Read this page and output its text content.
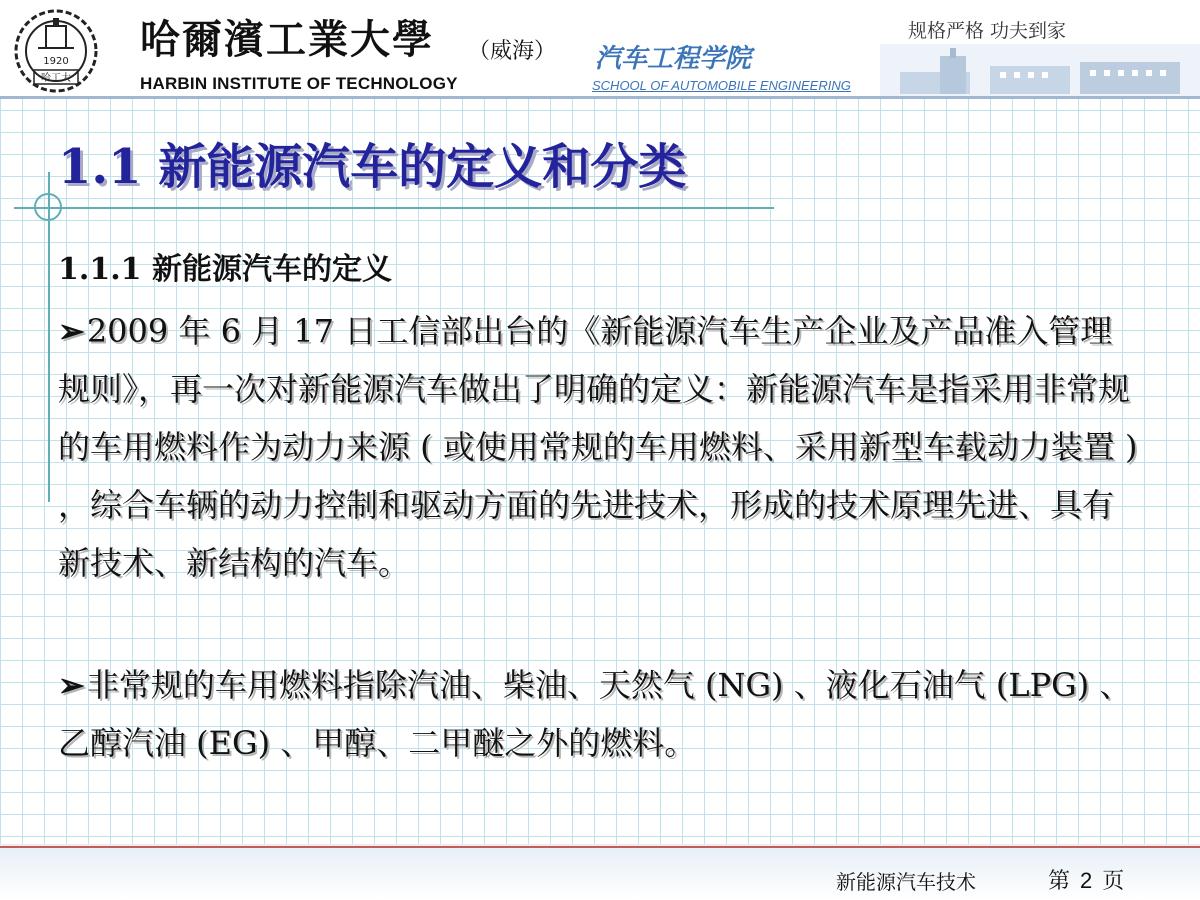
1920
哈工大
哈爾濱工業大學 （威海）
HARBIN INSTITUTE OF TECHNOLOGY
汽车工程学院
SCHOOL OF AUTOMOBILE ENGINEERING
规格严格 功夫到家
1.1 新能源汽车的定义和分类
1.1.1 新能源汽车的定义
➢2009 年 6 月 17 日工信部出台的《新能源汽车生产企业及产品准入管理规则》，再一次对新能源汽车做出了明确的定义：新能源汽车是指采用非常规的车用燃料作为动力来源 ( 或使用常规的车用燃料、采用新型车载动力装置 ) ，综合车辆的动力控制和驱动方面的先进技术，形成的技术原理先进、具有新技术、新结构的汽车。
➢非常规的车用燃料指除汽油、柴油、天然气 (NG) 、液化石油气 (LPG) 、乙醇汽油 (EG) 、甲醇、二甲醚之外的燃料。
新能源汽车技术	第 2 页
